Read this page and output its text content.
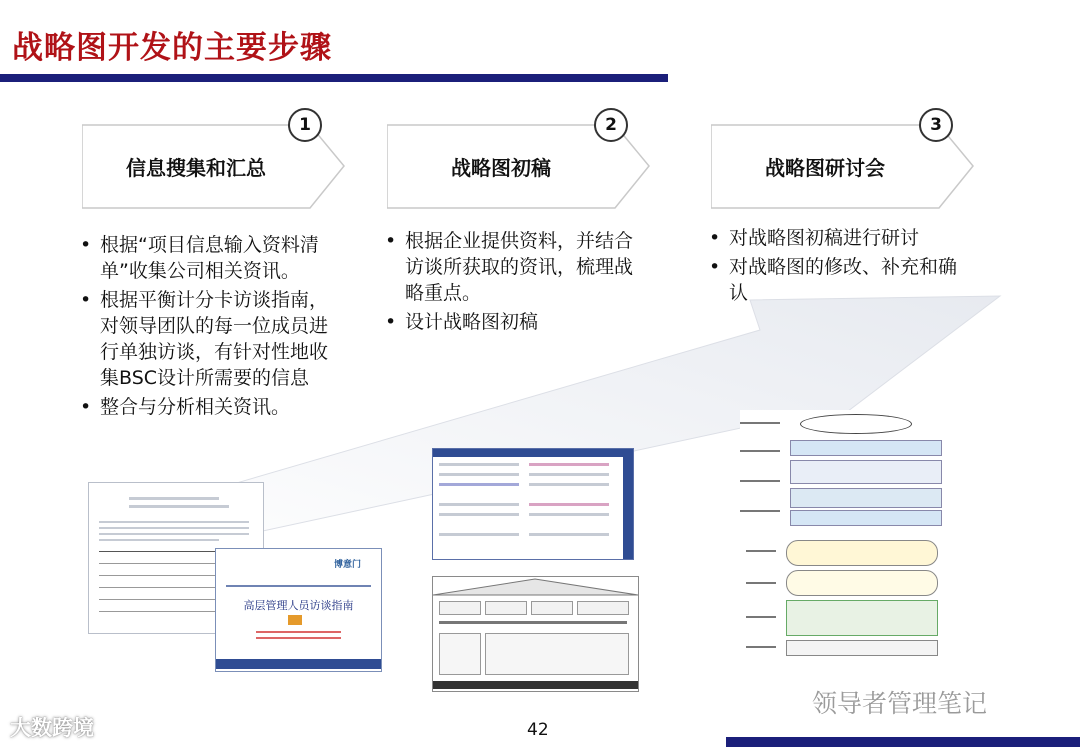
战略图开发的主要步骤
信息搜集和汇总
1
战略图初稿
2
战略图研讨会
3
• 根据“项目信息输入资料清单”收集公司相关资讯。
• 根据平衡计分卡访谈指南，对领导团队的每一位成员进行单独访谈，有针对性地收集BSC设计所需要的信息
• 整合与分析相关资讯。
• 根据企业提供资料，并结合访谈所获取的资讯，梳理战略重点。
• 设计战略图初稿
• 对战略图初稿进行研讨
• 对战略图的修改、补充和确认
博意门
高层管理人员访谈指南
42
大数跨境
领导者管理笔记
